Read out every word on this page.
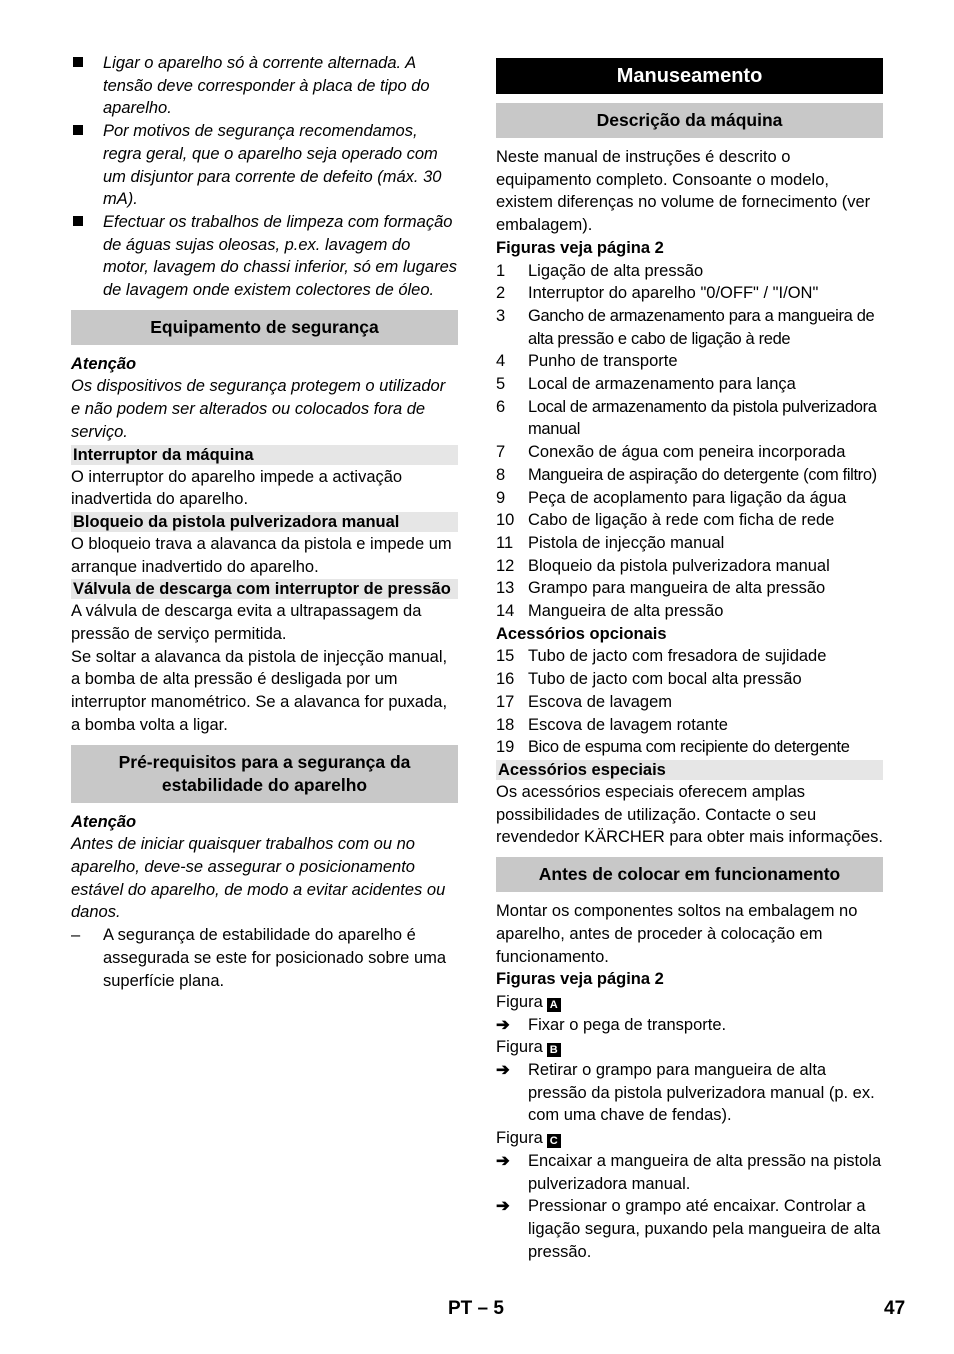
Ligar o aparelho só à corrente alternada. A tensão deve corresponder à placa de tipo do aparelho.

Por motivos de segurança recomendamos, regra geral, que o aparelho seja operado com um disjuntor para corrente de defeito (máx. 30 mA).

Efectuar os trabalhos de limpeza com formação de águas sujas oleosas, p.ex. lavagem do motor, lavagem do chassi inferior, só em lugares de lavagem onde existem colectores de óleo.

Equipamento de segurança

Atenção

Os dispositivos de segurança protegem o utilizador e não podem ser alterados ou colocados fora de serviço.

Interruptor da máquina

O interruptor do aparelho impede a activação inadvertida do aparelho.

Bloqueio da pistola pulverizadora manual

O bloqueio trava a alavanca da pistola e impede um arranque inadvertido do aparelho.

Válvula de descarga com interruptor de pressão

A válvula de descarga evita a ultrapassagem da pressão de serviço permitida.

Se soltar a alavanca da pistola de injecção manual, a bomba de alta pressão é desligada por um interruptor manométrico. Se a alavanca for puxada, a bomba volta a ligar.

Pré-requisitos para a segurança da estabilidade do aparelho

Atenção

Antes de iniciar quaisquer trabalhos com ou no aparelho, deve-se assegurar o posicionamento estável do aparelho, de modo a evitar acidentes ou danos.

– A segurança de estabilidade do aparelho é assegurada se este for posicionado sobre uma superfície plana.

Manuseamento
Descrição da máquina

Neste manual de instruções é descrito o equipamento completo. Consoante o modelo, existem diferenças no volume de fornecimento (ver embalagem).

Figuras veja página 2

1 Ligação de alta pressão

2 Interruptor do aparelho "0/OFF" / "I/ON"

3 Gancho de armazenamento para a mangueira de alta pressão e cabo de ligação à rede

4 Punho de transporte

5 Local de armazenamento para lança

6 Local de armazenamento da pistola pulverizadora manual

7 Conexão de água com peneira incorporada

8 Mangueira de aspiração do detergente (com filtro)

9 Peça de acoplamento para ligação da água

10 Cabo de ligação à rede com ficha de rede

11 Pistola de injecção manual

12 Bloqueio da pistola pulverizadora manual

13 Grampo para mangueira de alta pressão

14 Mangueira de alta pressão

Acessórios opcionais

15 Tubo de jacto com fresadora de sujidade

16 Tubo de jacto com bocal alta pressão

17 Escova de lavagem

18 Escova de lavagem rotante

19 Bico de espuma com recipiente do detergente

Acessórios especiais

Os acessórios especiais oferecem amplas possibilidades de utilização. Contacte o seu revendedor KÄRCHER para obter mais informações.

Antes de colocar em funcionamento

Montar os componentes soltos na embalagem no aparelho, antes de proceder à colocação em funcionamento.

Figuras veja página 2

Figura A

➔ Fixar o pega de transporte.

Figura B

➔ Retirar o grampo para mangueira de alta pressão da pistola pulverizadora manual (p. ex. com uma chave de fendas).

Figura C

➔ Encaixar a mangueira de alta pressão na pistola pulverizadora manual.

➔ Pressionar o grampo até encaixar. Controlar a ligação segura, puxando pela mangueira de alta pressão.

PT – 5	47
